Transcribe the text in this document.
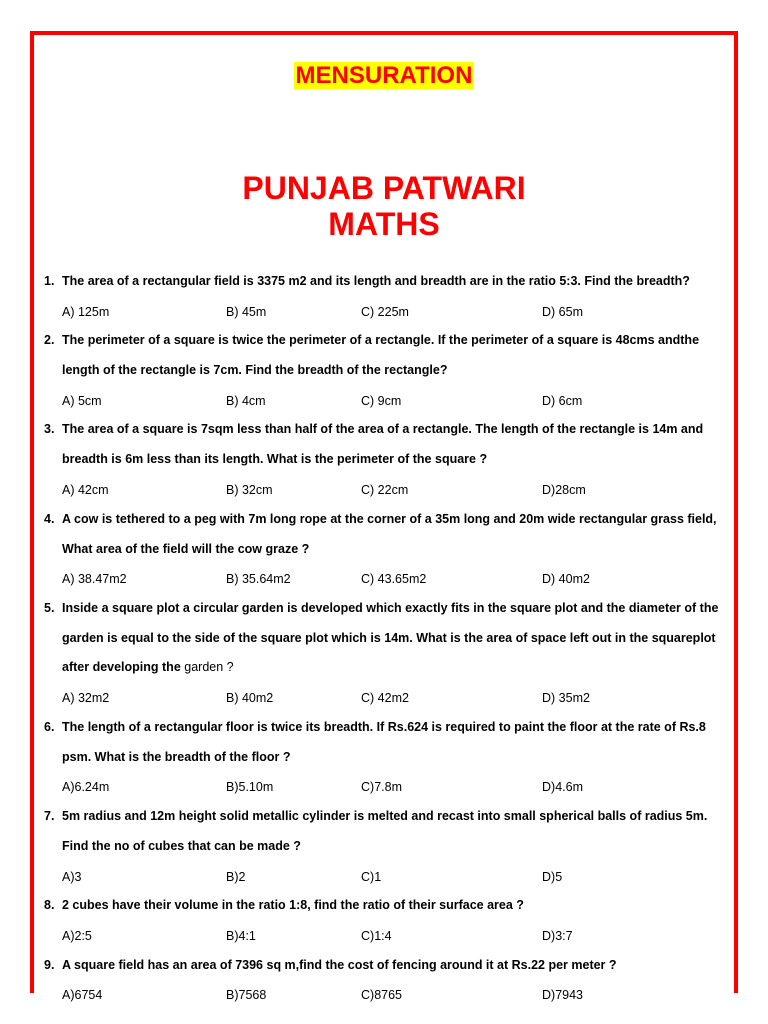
MENSURATION
PUNJAB PATWARI
MATHS
1. The area of a rectangular field is 3375 m2 and its length and breadth are in the ratio 5:3. Find the breadth?
A) 125m	B) 45m	C) 225m	D) 65m
2. The perimeter of a square is twice the perimeter of a rectangle. If the perimeter of a square is 48cms andthe
length of the rectangle is 7cm. Find the breadth of the rectangle?
A) 5cm	B) 4cm	C) 9cm	D) 6cm
3. The area of a square is 7sqm less than half of the area of a rectangle. The length of the rectangle is 14m and
breadth is 6m less than its length. What is the perimeter of the square ?
A) 42cm	B) 32cm	C) 22cm	D)28cm
4. A cow is tethered to a peg with 7m long rope at the corner of a 35m long and 20m wide rectangular grass field,
What area of the field will the cow graze ?
A) 38.47m2	B) 35.64m2	C) 43.65m2	D) 40m2
5. Inside a square plot a circular garden is developed which exactly fits in the square plot and the diameter of the
garden is equal to the side of the square plot which is 14m. What is the area of space left out in the squareplot
after developing the garden ?
A) 32m2	B) 40m2	C) 42m2	D) 35m2
6. The length of a rectangular floor is twice its breadth. If Rs.624 is required to paint the floor at the rate of Rs.8
psm. What is the breadth of the floor ?
A)6.24m	B)5.10m	C)7.8m	D)4.6m
7. 5m radius and 12m height solid metallic cylinder is melted and recast into small spherical balls of radius 5m.
Find the no of cubes that can be made ?
A)3	B)2	C)1	D)5
8. 2 cubes have their volume in the ratio 1:8, find the ratio of their surface area ?
A)2:5	B)4:1	C)1:4	D)3:7
9. A square field has an area of 7396 sq m,find the cost of fencing around it at Rs.22 per meter ?
A)6754	B)7568	C)8765	D)7943
